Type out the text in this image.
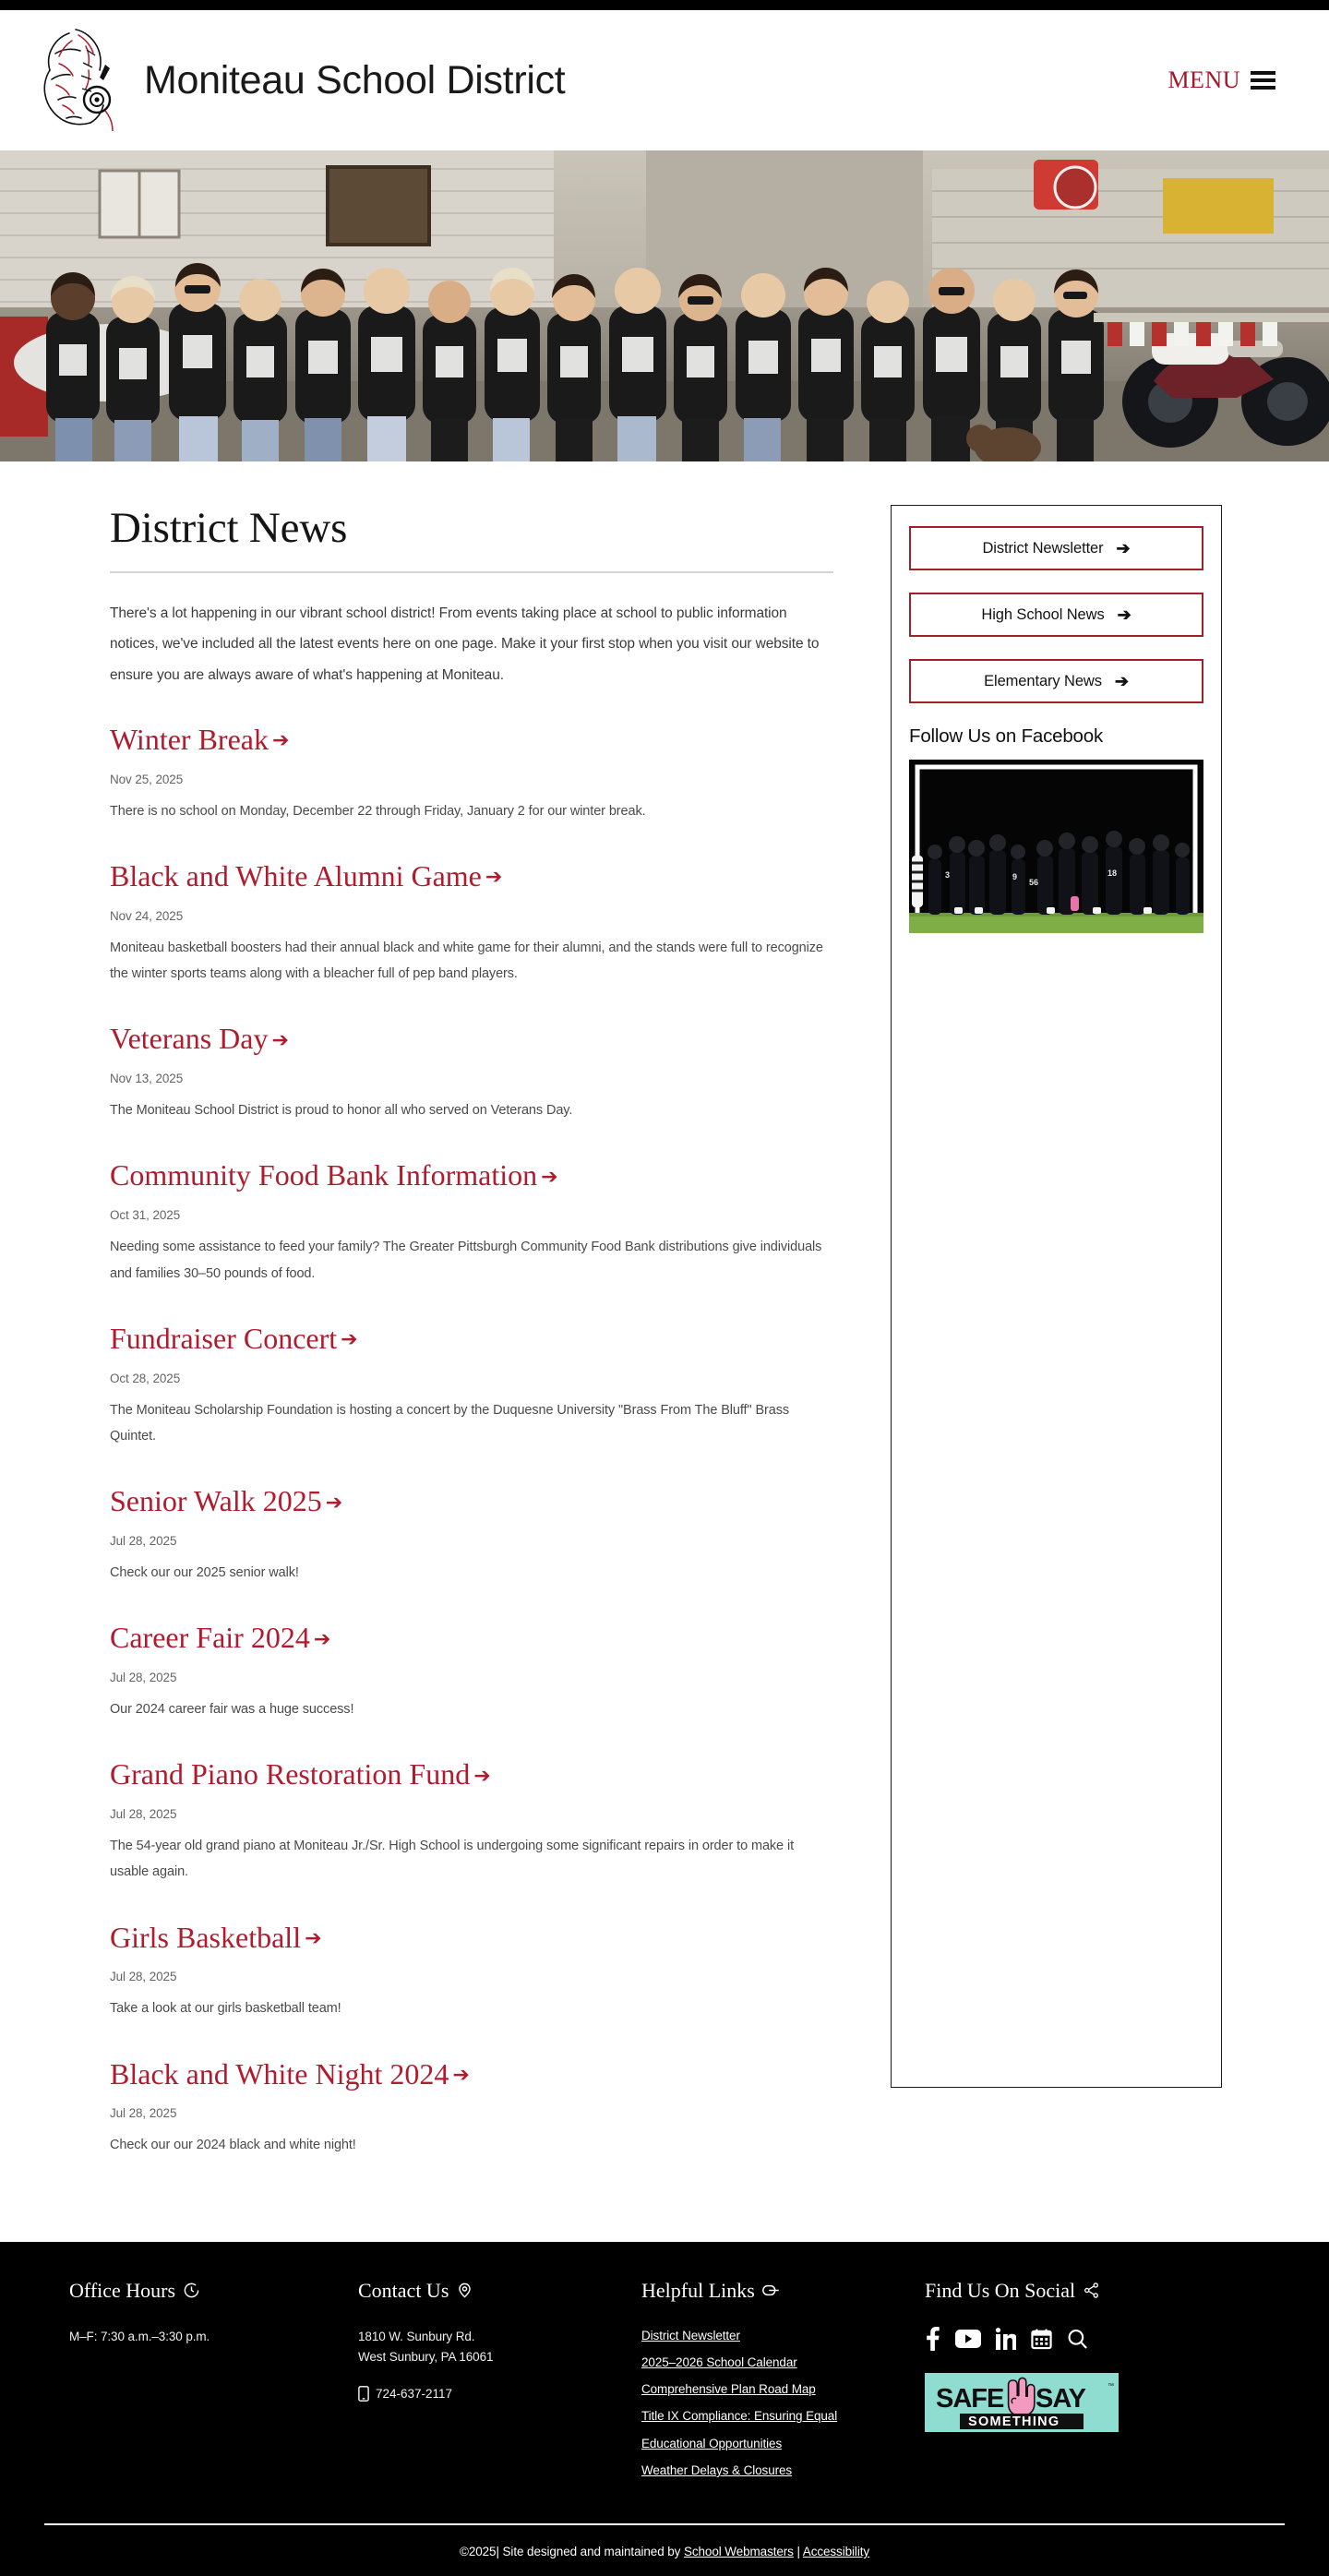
Moniteau School District	MENU
District News

There's a lot happening in our vibrant school district! From events taking place at school to public information notices, we've included all the latest events here on one page. Make it your first stop when you visit our website to ensure you are always aware of what's happening at Moniteau.

Winter Break ➔
Nov 25, 2025
There is no school on Monday, December 22 through Friday, January 2 for our winter break.
Black and White Alumni Game ➔
Nov 24, 2025
Moniteau basketball boosters had their annual black and white game for their alumni, and the stands were full to recognize the winter sports teams along with a bleacher full of pep band players.
Veterans Day ➔
Nov 13, 2025
The Moniteau School District is proud to honor all who served on Veterans Day.
Community Food Bank Information ➔
Oct 31, 2025
Needing some assistance to feed your family? The Greater Pittsburgh Community Food Bank distributions give individuals and families 30–50 pounds of food.
Fundraiser Concert ➔
Oct 28, 2025
The Moniteau Scholarship Foundation is hosting a concert by the Duquesne University "Brass From The Bluff" Brass Quintet.
Senior Walk 2025 ➔
Jul 28, 2025
Check our our 2025 senior walk!
Career Fair 2024 ➔
Jul 28, 2025
Our 2024 career fair was a huge success!
Grand Piano Restoration Fund ➔
Jul 28, 2025
The 54-year old grand piano at Moniteau Jr./Sr. High School is undergoing some significant repairs in order to make it usable again.
Girls Basketball ➔
Jul 28, 2025
Take a look at our girls basketball team!
Black and White Night 2024 ➔
Jul 28, 2025
Check our our 2024 black and white night!
District Newsletter ➔
High School News ➔
Elementary News ➔
Follow Us on Facebook
9
56
18
3
Office Hours
M–F: 7:30 a.m.–3:30 p.m.
Contact Us
1810 W. Sunbury Rd.
West Sunbury, PA 16061
724-637-2117
Helpful Links
District Newsletter
2025–2026 School Calendar
Comprehensive Plan Road Map
Title IX Compliance: Ensuring Equal
Educational Opportunities
Weather Delays & Closures
Find Us On Social
SAFE SAY
SOMETHING
™
©2025| Site designed and maintained by School Webmasters | Accessibility
